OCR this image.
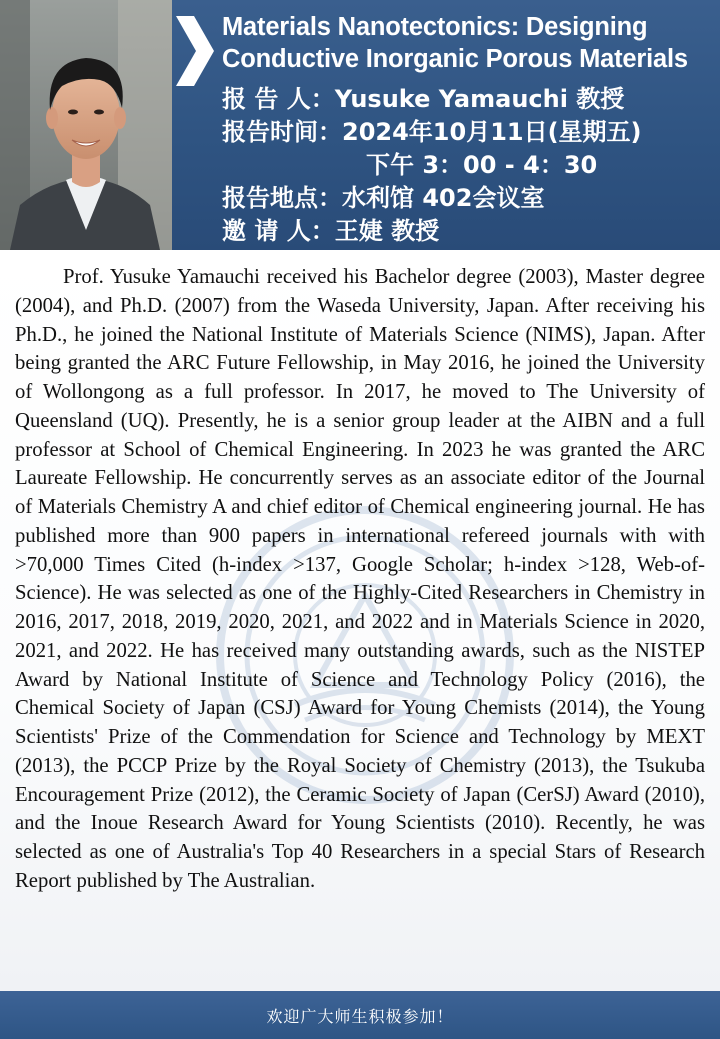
Materials Nanotectonics: Designing
Conductive Inorganic Porous Materials
报 告 人：Yusuke Yamauchi 教授
报告时间：2024年10月11日(星期五)
下午 3：00 - 4：30
报告地点：水利馆 402会议室
邀 请 人：王婕 教授

Prof. Yusuke Yamauchi received his Bachelor degree (2003), Master degree (2004), and Ph.D. (2007) from the Waseda University, Japan. After receiving his Ph.D., he joined the National Institute of Materials Science (NIMS), Japan. After being granted the ARC Future Fellowship, in May 2016, he joined the University of Wollongong as a full professor. In 2017, he moved to The University of Queensland (UQ). Presently, he is a senior group leader at the AIBN and a full professor at School of Chemical Engineering. In 2023 he was granted the ARC Laureate Fellowship. He concurrently serves as an associate editor of the Journal of Materials Chemistry A and chief editor of Chemical engineering journal. He has published more than 900 papers in international refereed journals with with >70,000 Times Cited (h-index >137, Google Scholar; h-index >128, Web-of-Science). He was selected as one of the Highly-Cited Researchers in Chemistry in 2016, 2017, 2018, 2019, 2020, 2021, and 2022 and in Materials Science in 2020, 2021, and 2022. He has received many outstanding awards, such as the NISTEP Award by National Institute of Science and Technology Policy (2016), the Chemical Society of Japan (CSJ) Award for Young Chemists (2014), the Young Scientists' Prize of the Commendation for Science and Technology by MEXT (2013), the PCCP Prize by the Royal Society of Chemistry (2013), the Tsukuba Encouragement Prize (2012), the Ceramic Society of Japan (CerSJ) Award (2010), and the Inoue Research Award for Young Scientists (2010). Recently, he was selected as one of Australia's Top 40 Researchers in a special Stars of Research Report published by The Australian.

欢迎广大师生积极参加！
